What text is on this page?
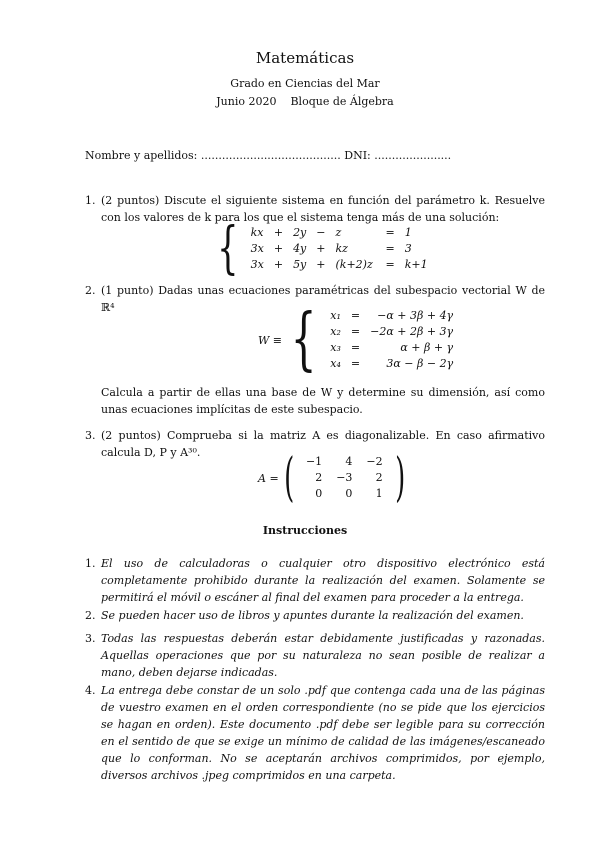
Matemáticas
Grado en Ciencias del Mar
Junio 2020 Bloque de Álgebra
Nombre y apellidos: ........................................ DNI: ......................
1. (2 puntos) Discute el siguiente sistema en función del parámetro k. Resuelve con los valores de k para los que el sistema tenga más de una solución:
{ kx	+	2y	−	z	=	1
3x	+	4y	+	kz	=	3
3x	+	5y	+	(k+2)z	=	k+1
2. (1 punto) Dadas unas ecuaciones paramétricas del subespacio vectorial W de ℝ⁴
W ≡ { x₁	=	−α + 3β + 4γ
x₂	=	−2α + 2β + 3γ
x₃	=	α + β + γ
x₄	=	3α − β − 2γ
Calcula a partir de ellas una base de W y determine su dimensión, así como unas ecuaciones implícitas de este subespacio.
3. (2 puntos) Comprueba si la matriz A es diagonalizable. En caso afirmativo calcula D, P y A³⁰.
A = ( −1	4	−2
2	−3	2
0	0	1 )
Instrucciones
1. El uso de calculadoras o cualquier otro dispositivo electrónico está completamente prohibido durante la realización del examen. Solamente se permitirá el móvil o escáner al final del examen para proceder a la entrega.
2. Se pueden hacer uso de libros y apuntes durante la realización del examen.
3. Todas las respuestas deberán estar debidamente justificadas y razonadas. Aquellas operaciones que por su naturaleza no sean posible de realizar a mano, deben dejarse indicadas.
4. La entrega debe constar de un solo .pdf que contenga cada una de las páginas de vuestro examen en el orden correspondiente (no se pide que los ejercicios se hagan en orden). Este documento .pdf debe ser legible para su corrección en el sentido de que se exige un mínimo de calidad de las imágenes/escaneado que lo conforman. No se aceptarán archivos comprimidos, por ejemplo, diversos archivos .jpeg comprimidos en una carpeta.
